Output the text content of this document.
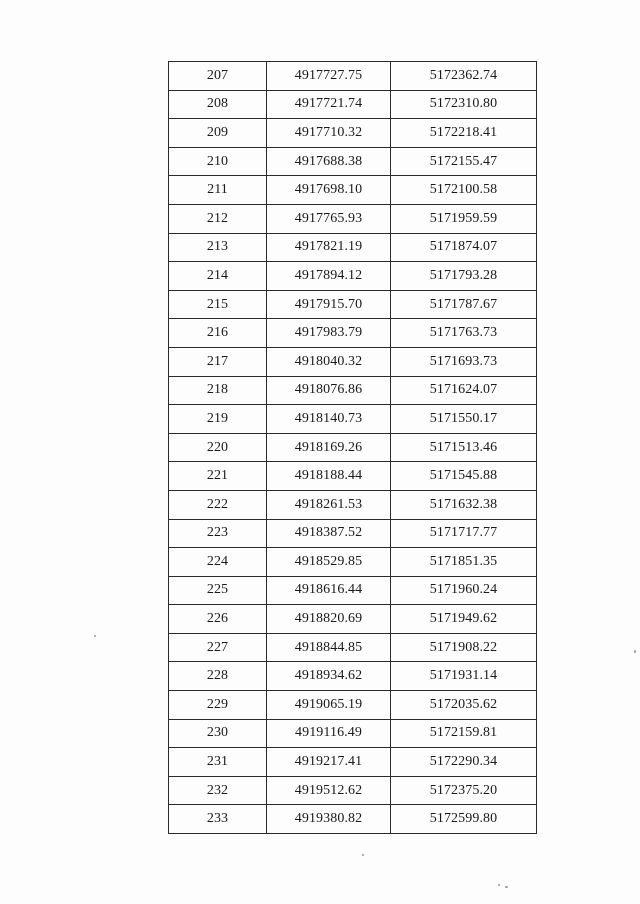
207	4917727.75	5172362.74
208	4917721.74	5172310.80
209	4917710.32	5172218.41
210	4917688.38	5172155.47
211	4917698.10	5172100.58
212	4917765.93	5171959.59
213	4917821.19	5171874.07
214	4917894.12	5171793.28
215	4917915.70	5171787.67
216	4917983.79	5171763.73
217	4918040.32	5171693.73
218	4918076.86	5171624.07
219	4918140.73	5171550.17
220	4918169.26	5171513.46
221	4918188.44	5171545.88
222	4918261.53	5171632.38
223	4918387.52	5171717.77
224	4918529.85	5171851.35
225	4918616.44	5171960.24
226	4918820.69	5171949.62
227	4918844.85	5171908.22
228	4918934.62	5171931.14
229	4919065.19	5172035.62
230	4919116.49	5172159.81
231	4919217.41	5172290.34
232	4919512.62	5172375.20
233	4919380.82	5172599.80
